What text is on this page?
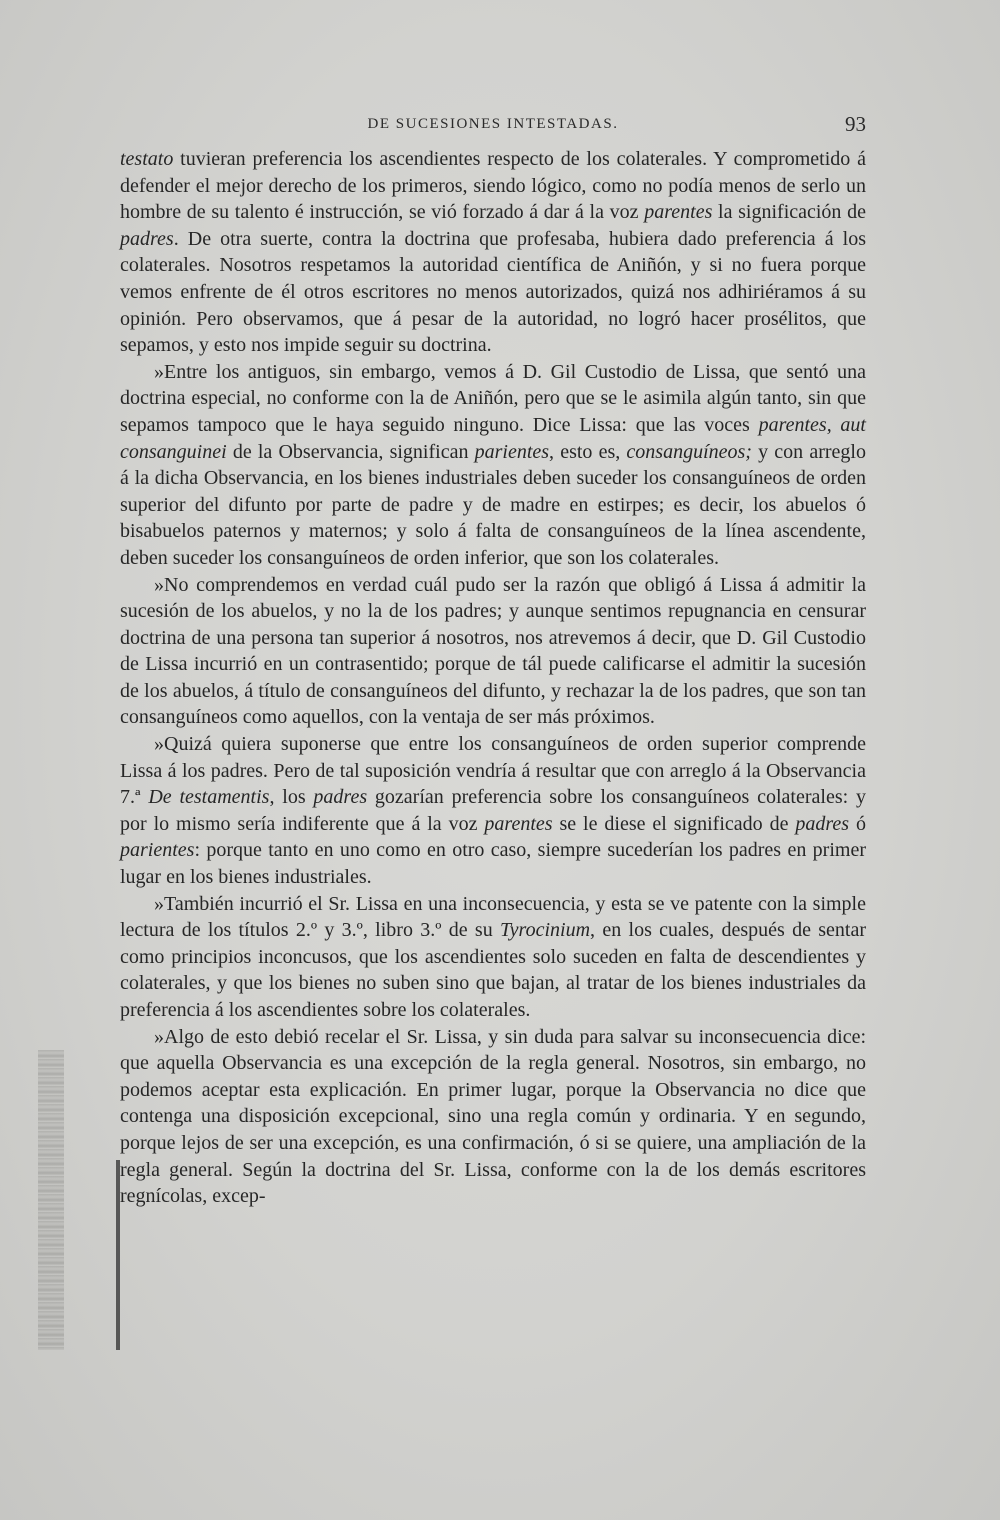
DE SUCESIONES INTESTADAS.	93

testato tuvieran preferencia los ascendientes respecto de los colaterales. Y comprometido á defender el mejor derecho de los primeros, siendo lógico, como no podía menos de serlo un hombre de su talento é instrucción, se vió forzado á dar á la voz parentes la significación de padres. De otra suerte, contra la doctrina que profesaba, hubiera dado preferencia á los colaterales. Nosotros respetamos la autoridad científica de Aniñón, y si no fuera porque vemos enfrente de él otros escritores no menos autorizados, quizá nos adhiriéramos á su opinión. Pero observamos, que á pesar de la autoridad, no logró hacer prosélitos, que sepamos, y esto nos impide seguir su doctrina.

»Entre los antiguos, sin embargo, vemos á D. Gil Custodio de Lissa, que sentó una doctrina especial, no conforme con la de Aniñón, pero que se le asimila algún tanto, sin que sepamos tampoco que le haya seguido ninguno. Dice Lissa: que las voces parentes, aut consanguinei de la Observancia, significan parientes, esto es, consanguíneos; y con arreglo á la dicha Observancia, en los bienes industriales deben suceder los consanguíneos de orden superior del difunto por parte de padre y de madre en estirpes; es decir, los abuelos ó bisabuelos paternos y maternos; y solo á falta de consanguíneos de la línea ascendente, deben suceder los consanguíneos de orden inferior, que son los colaterales.

»No comprendemos en verdad cuál pudo ser la razón que obligó á Lissa á admitir la sucesión de los abuelos, y no la de los padres; y aunque sentimos repugnancia en censurar doctrina de una persona tan superior á nosotros, nos atrevemos á decir, que D. Gil Custodio de Lissa incurrió en un contrasentido; porque de tál puede calificarse el admitir la sucesión de los abuelos, á título de consanguíneos del difunto, y rechazar la de los padres, que son tan consanguíneos como aquellos, con la ventaja de ser más próximos.

»Quizá quiera suponerse que entre los consanguíneos de orden superior comprende Lissa á los padres. Pero de tal suposición vendría á resultar que con arreglo á la Observancia 7.ª De testamentis, los padres gozarían preferencia sobre los consanguíneos colaterales: y por lo mismo sería indiferente que á la voz parentes se le diese el significado de padres ó parientes: porque tanto en uno como en otro caso, siempre sucederían los padres en primer lugar en los bienes industriales.

»También incurrió el Sr. Lissa en una inconsecuencia, y esta se ve patente con la simple lectura de los títulos 2.º y 3.º, libro 3.º de su Tyrocinium, en los cuales, después de sentar como principios inconcusos, que los ascendientes solo suceden en falta de descendientes y colaterales, y que los bienes no suben sino que bajan, al tratar de los bienes industriales da preferencia á los ascendientes sobre los colaterales.

»Algo de esto debió recelar el Sr. Lissa, y sin duda para salvar su inconsecuencia dice: que aquella Observancia es una excepción de la regla general. Nosotros, sin embargo, no podemos aceptar esta explicación. En primer lugar, porque la Observancia no dice que contenga una disposición excepcional, sino una regla común y ordinaria. Y en segundo, porque lejos de ser una excepción, es una confirmación, ó si se quiere, una ampliación de la regla general. Según la doctrina del Sr. Lissa, conforme con la de los demás escritores regnícolas, excep-
